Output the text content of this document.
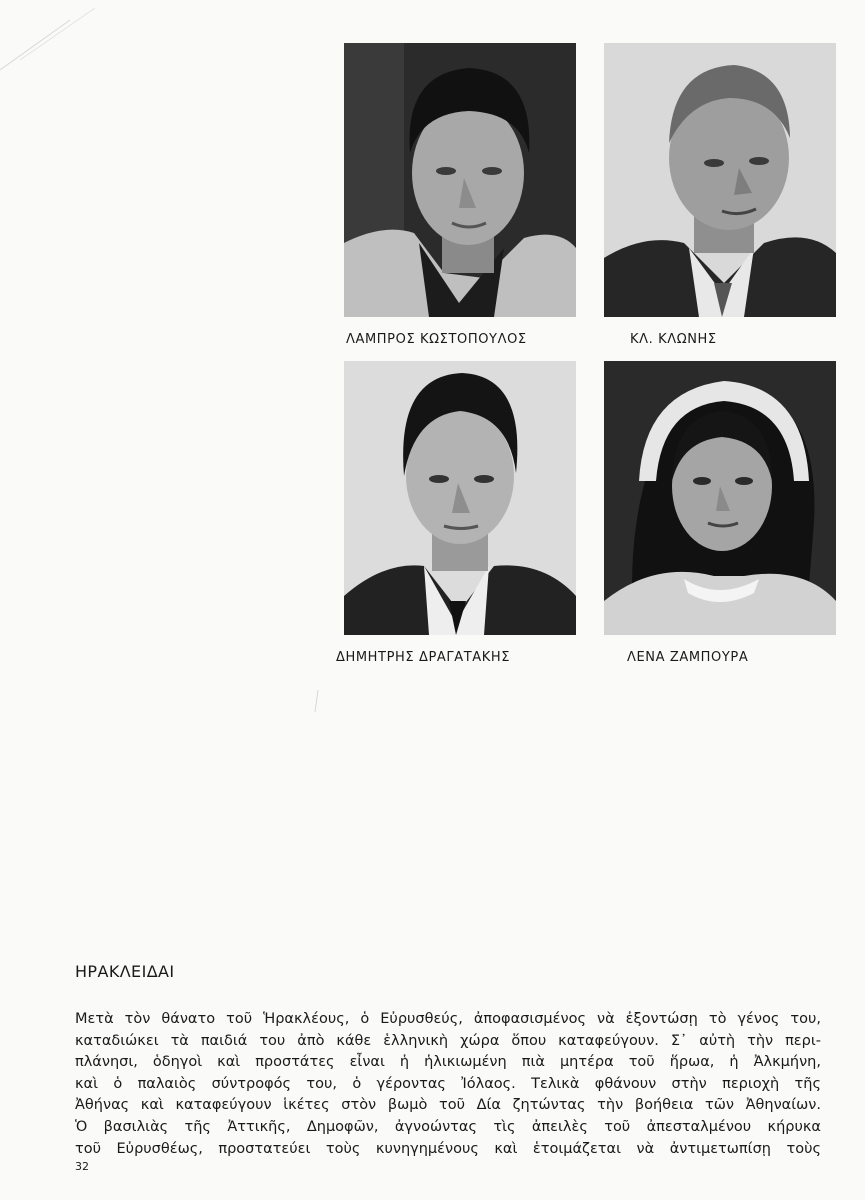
ΛΑΜΠΡΟΣ ΚΩΣΤΟΠΟΥΛΟΣ	ΚΛ. ΚΛΩΝΗΣ
ΔΗΜΗΤΡΗΣ ΔΡΑΓΑΤΑΚΗΣ	ΛΕΝΑ ΖΑΜΠΟΥΡΑ
ΗΡΑΚΛΕΙΔΑΙ

Μετὰ τὸν θάνατο τοῦ Ἡρακλέους, ὁ Εὐρυσθεύς, ἀποφασισμένος νὰ ἐξοντώσῃ τὸ γένος του,

καταδιώκει τὰ παιδιά του ἀπὸ κάθε ἑλληνικὴ χώρα ὅπου καταφεύγουν. Σ᾽ αὐτὴ τὴν περι-

πλάνησι, ὁδηγοὶ καὶ προστάτες εἶναι ἡ ἡλικιωμένη πιὰ μητέρα τοῦ ἥρωα, ἡ Ἀλκμήνη,

καὶ ὁ παλαιὸς σύντροφός του, ὁ γέροντας Ἰόλαος. Τελικὰ φθάνουν στὴν περιοχὴ τῆς

Ἀθήνας καὶ καταφεύγουν ἱκέτες στὸν βωμὸ τοῦ Δία ζητώντας τὴν βοήθεια τῶν Ἀθηναίων.

Ὁ βασιλιὰς τῆς Ἀττικῆς, Δημοφῶν, ἀγνοώντας τὶς ἀπειλὲς τοῦ ἀπεσταλμένου κήρυκα

τοῦ Εὐρυσθέως, προστατεύει τοὺς κυνηγημένους καὶ ἑτοιμάζεται νὰ ἀντιμετωπίσῃ τοὺς

32
